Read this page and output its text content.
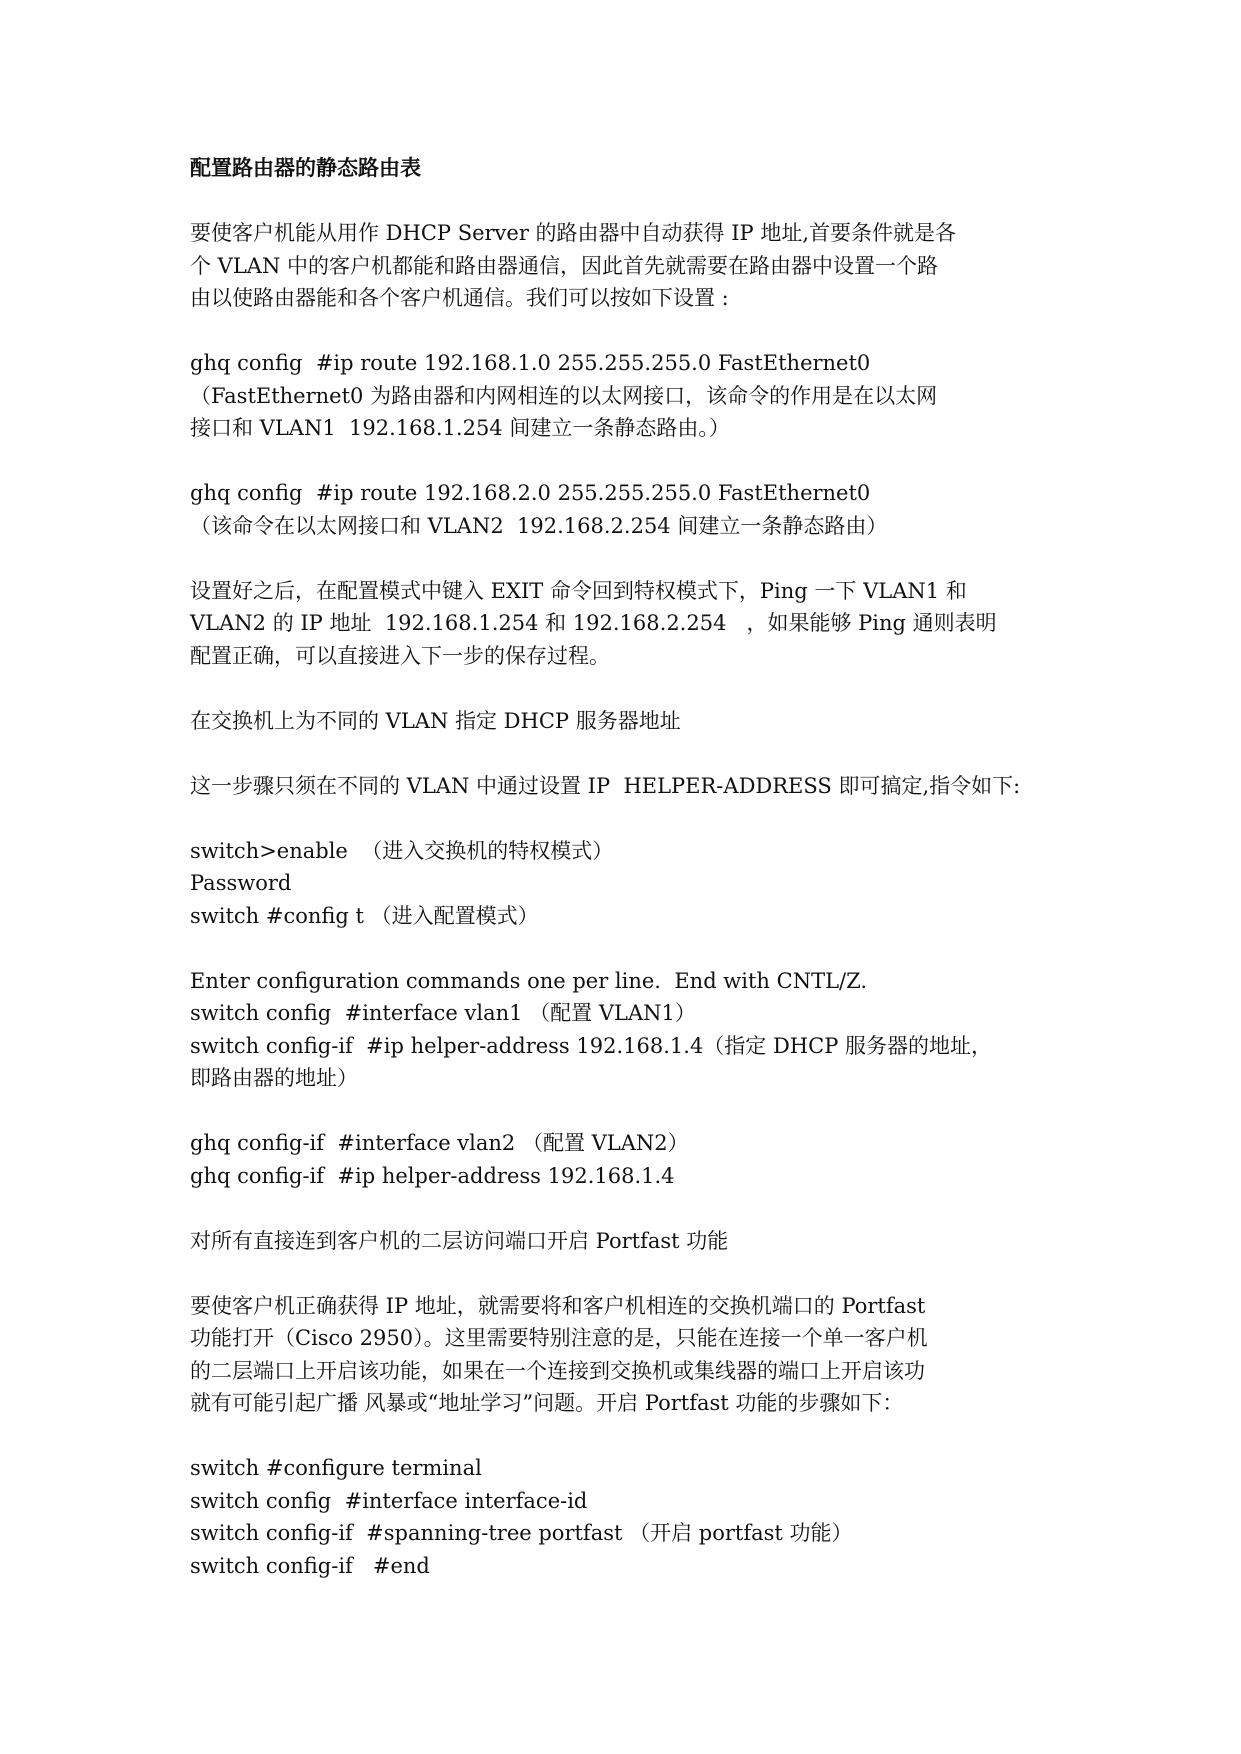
配置路由器的静态路由表
要使客户机能从用作 DHCP Server 的路由器中自动获得 IP 地址,首要条件就是各
个 VLAN 中的客户机都能和路由器通信，因此首先就需要在路由器中设置一个路
由以使路由器能和各个客户机通信。我们可以按如下设置 :
ghq config  #ip route 192.168.1.0 255.255.255.0 FastEthernet0
（FastEthernet0 为路由器和内网相连的以太网接口，该命令的作用是在以太网
接口和 VLAN1  192.168.1.254 间建立一条静态路由。）
ghq config  #ip route 192.168.2.0 255.255.255.0 FastEthernet0
（该命令在以太网接口和 VLAN2  192.168.2.254 间建立一条静态路由）
设置好之后，在配置模式中键入 EXIT 命令回到特权模式下，Ping 一下 VLAN1 和
VLAN2 的 IP 地址  192.168.1.254 和 192.168.2.254   ，如果能够 Ping 通则表明
配置正确，可以直接进入下一步的保存过程。
在交换机上为不同的 VLAN 指定 DHCP 服务器地址
这一步骤只须在不同的 VLAN 中通过设置 IP  HELPER-ADDRESS 即可搞定,指令如下:
switch>enable  （进入交换机的特权模式）
Password
switch #config t （进入配置模式）
Enter configuration commands one per line.  End with CNTL/Z.
switch config  #interface vlan1 （配置 VLAN1）
switch config-if  #ip helper-address 192.168.1.4（指定 DHCP 服务器的地址，
即路由器的地址）
ghq config-if  #interface vlan2 （配置 VLAN2）
ghq config-if  #ip helper-address 192.168.1.4
对所有直接连到客户机的二层访问端口开启 Portfast 功能
要使客户机正确获得 IP 地址，就需要将和客户机相连的交换机端口的 Portfast
功能打开（Cisco 2950）。这里需要特别注意的是，只能在连接一个单一客户机
的二层端口上开启该功能，如果在一个连接到交换机或集线器的端口上开启该功
就有可能引起广播 风暴或“地址学习”问题。开启 Portfast 功能的步骤如下：
switch #configure terminal
switch config  #interface interface-id
switch config-if  #spanning-tree portfast （开启 portfast 功能）
switch config-if   #end
